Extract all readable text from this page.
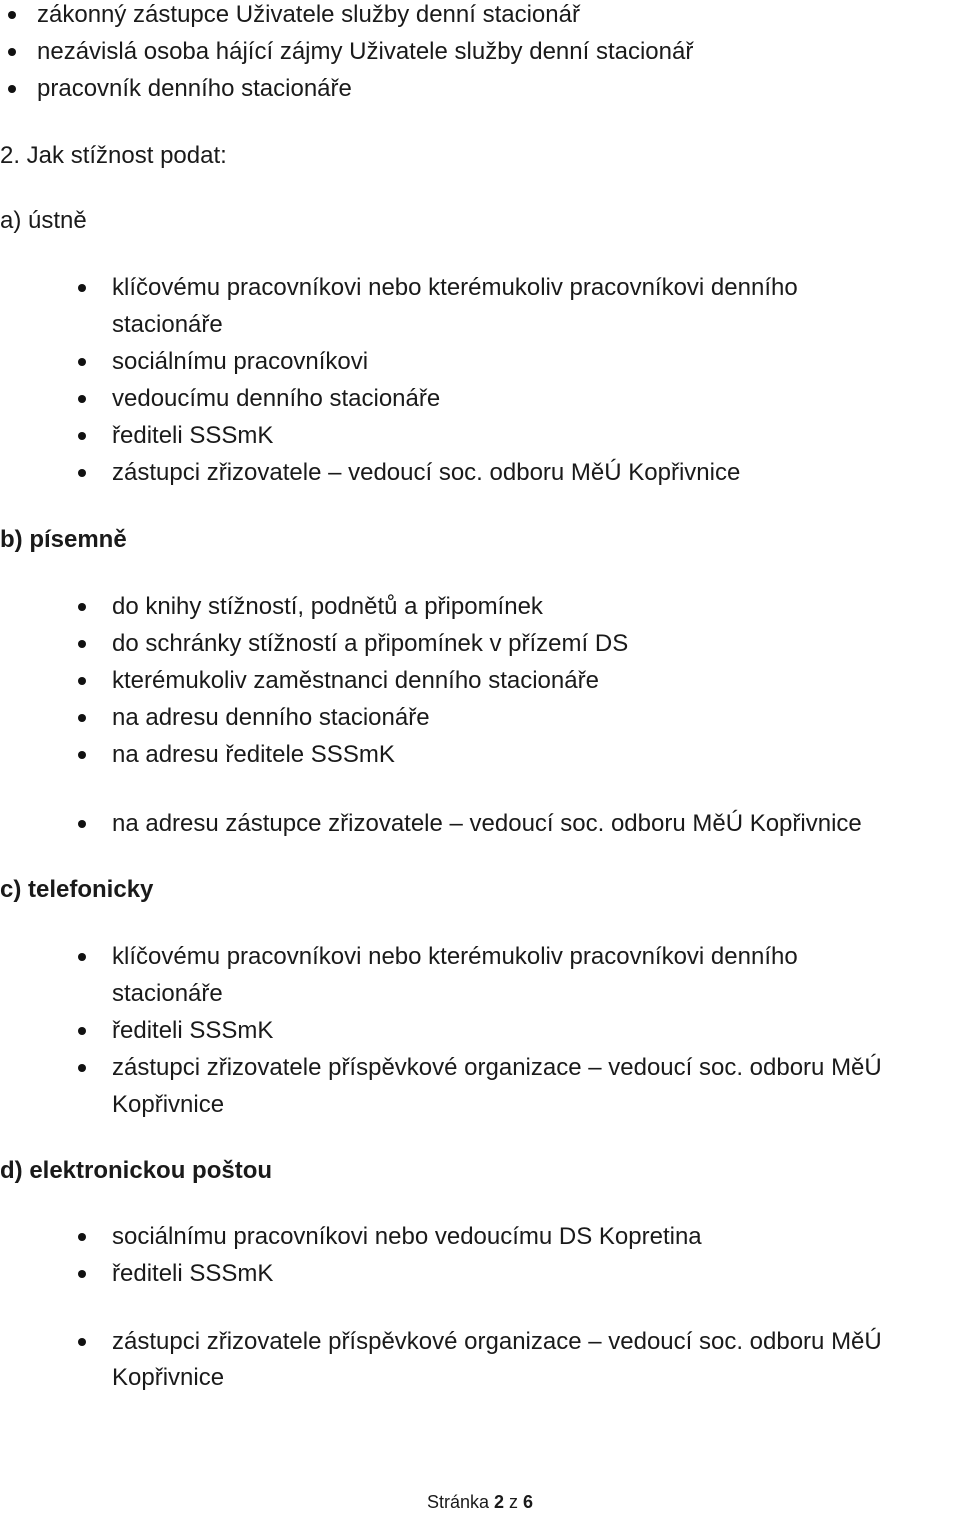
zákonný zástupce Uživatele služby denní stacionář
nezávislá osoba hájící zájmy Uživatele služby denní stacionář
pracovník denního stacionáře
2. Jak stížnost podat:
a) ústně
klíčovému pracovníkovi nebo kterémukoliv pracovníkovi denního
stacionáře
sociálnímu pracovníkovi
vedoucímu denního stacionáře
řediteli SSSmK
zástupci zřizovatele – vedoucí soc. odboru MěÚ Kopřivnice
b) písemně
do knihy stížností, podnětů a připomínek
do schránky stížností a připomínek v přízemí DS
kterémukoliv zaměstnanci denního stacionáře
na adresu denního stacionáře
na adresu ředitele SSSmK
na adresu zástupce zřizovatele – vedoucí soc. odboru MěÚ Kopřivnice
c) telefonicky
klíčovému pracovníkovi nebo kterémukoliv pracovníkovi denního
stacionáře
řediteli SSSmK
zástupci zřizovatele příspěvkové organizace – vedoucí soc. odboru MěÚ
Kopřivnice
d) elektronickou poštou
sociálnímu pracovníkovi nebo vedoucímu DS Kopretina
řediteli SSSmK
zástupci zřizovatele příspěvkové organizace – vedoucí soc. odboru MěÚ
Kopřivnice
Stránka 2 z 6
